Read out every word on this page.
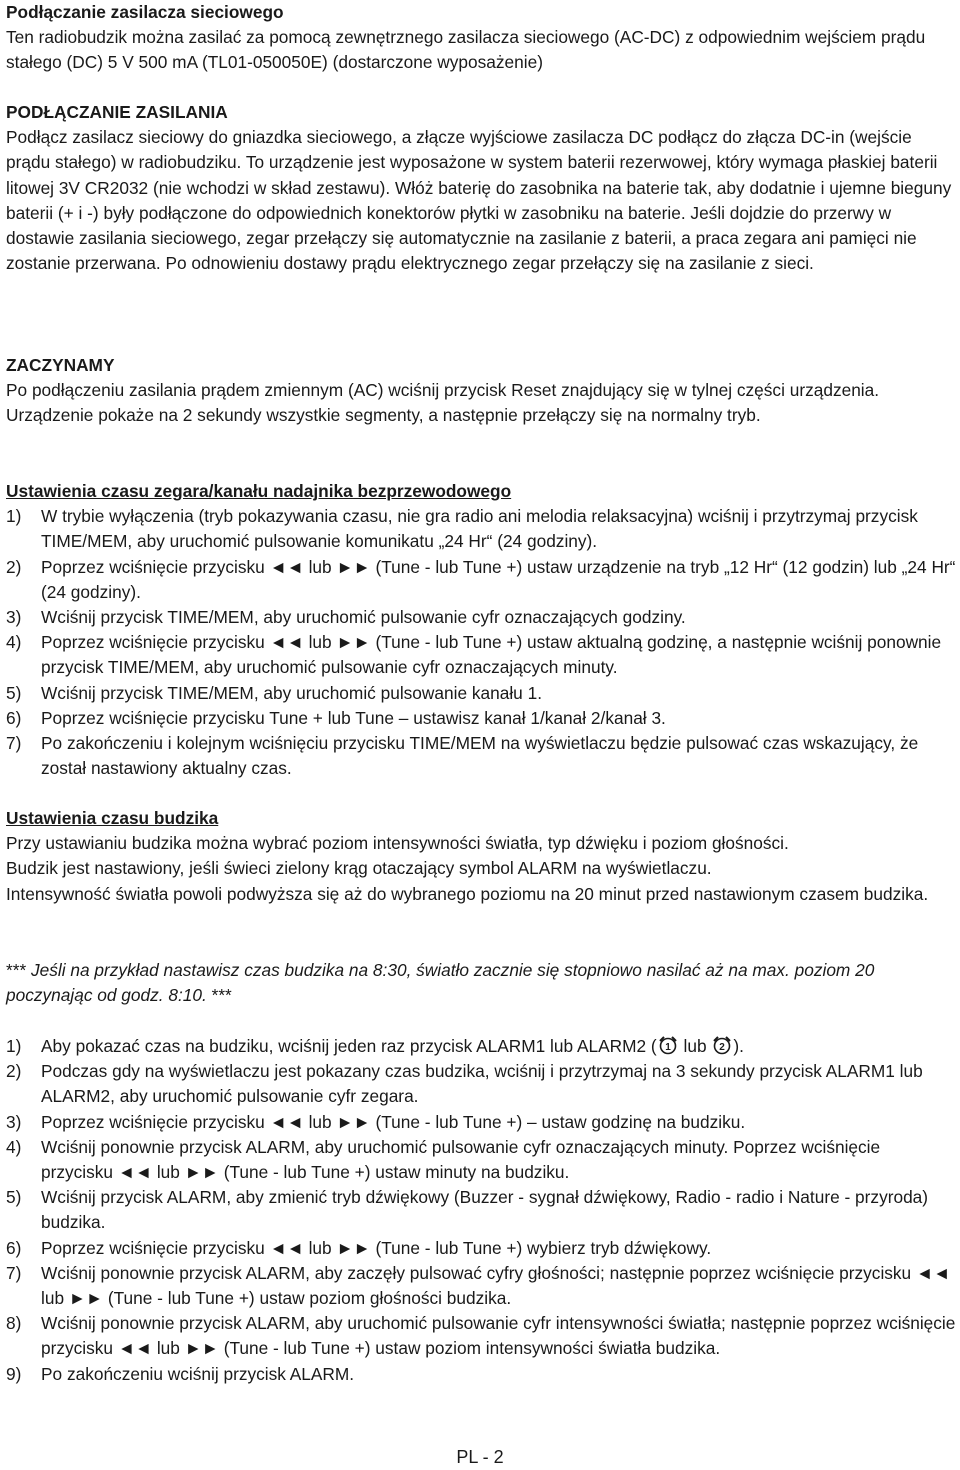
Podłączanie zasilacza sieciowego

Ten radiobudzik można zasilać za pomocą zewnętrznego zasilacza sieciowego (AC-DC) z odpowiednim wejściem prądu stałego (DC) 5 V 500 mA (TL01-050050E) (dostarczone wyposażenie)

PODŁĄCZANIE ZASILANIA

Podłącz zasilacz sieciowy do gniazdka sieciowego, a złącze wyjściowe zasilacza DC podłącz do złącza DC-in (wejście prądu stałego) w radiobudziku. To urządzenie jest wyposażone w system baterii rezerwowej, który wymaga płaskiej baterii litowej 3V CR2032 (nie wchodzi w skład zestawu). Włóż baterię do zasobnika na baterie tak, aby dodatnie i ujemne bieguny baterii (+ i -) były podłączone do odpowiednich konektorów płytki w zasobniku na baterie. Jeśli dojdzie do przerwy w dostawie zasilania sieciowego, zegar przełączy się automatycznie na zasilanie z baterii, a praca zegara ani pamięci nie zostanie przerwana. Po odnowieniu dostawy prądu elektrycznego zegar przełączy się na zasilanie z sieci.

ZACZYNAMY

Po podłączeniu zasilania prądem zmiennym (AC) wciśnij przycisk Reset znajdujący się w tylnej części urządzenia.

Urządzenie pokaże na 2 sekundy wszystkie segmenty, a następnie przełączy się na normalny tryb.

Ustawienia czasu zegara/kanału nadajnika bezprzewodowego
1) W trybie wyłączenia (tryb pokazywania czasu, nie gra radio ani melodia relaksacyjna) wciśnij i przytrzymaj przycisk TIME/MEM, aby uruchomić pulsowanie komunikatu „24 Hr“ (24 godziny).
2) Poprzez wciśnięcie przycisku ◄◄ lub ►► (Tune - lub Tune +) ustaw urządzenie na tryb „12 Hr“ (12 godzin) lub „24 Hr“ (24 godziny).
3) Wciśnij przycisk TIME/MEM, aby uruchomić pulsowanie cyfr oznaczających godziny.
4) Poprzez wciśnięcie przycisku ◄◄ lub ►► (Tune - lub Tune +) ustaw aktualną godzinę, a następnie wciśnij ponownie przycisk TIME/MEM, aby uruchomić pulsowanie cyfr oznaczających minuty.
5) Wciśnij przycisk TIME/MEM, aby uruchomić pulsowanie kanału 1.
6) Poprzez wciśnięcie przycisku Tune + lub Tune – ustawisz kanał 1/kanał 2/kanał 3.
7) Po zakończeniu i kolejnym wciśnięciu przycisku TIME/MEM na wyświetlaczu będzie pulsować czas wskazujący, że został nastawiony aktualny czas.
Ustawienia czasu budzika

Przy ustawianiu budzika można wybrać poziom intensywności światła, typ dźwięku i poziom głośności.

Budzik jest nastawiony, jeśli świeci zielony krąg otaczający symbol ALARM na wyświetlaczu.

Intensywność światła powoli podwyższa się aż do wybranego poziomu na 20 minut przed nastawionym czasem budzika.

*** Jeśli na przykład nastawisz czas budzika na 8:30, światło zacznie się stopniowo nasilać aż na max. poziom 20 poczynając od godz. 8:10. ***

1) Aby pokazać czas na budziku, wciśnij jeden raz przycisk ALARM1 lub ALARM2 ( 1 lub 2 ).
2) Podczas gdy na wyświetlaczu jest pokazany czas budzika, wciśnij i przytrzymaj na 3 sekundy przycisk ALARM1 lub ALARM2, aby uruchomić pulsowanie cyfr zegara.
3) Poprzez wciśnięcie przycisku ◄◄ lub ►► (Tune - lub Tune +) – ustaw godzinę na budziku.
4) Wciśnij ponownie przycisk ALARM, aby uruchomić pulsowanie cyfr oznaczających minuty. Poprzez wciśnięcie przycisku ◄◄ lub ►► (Tune - lub Tune +) ustaw minuty na budziku.
5) Wciśnij przycisk ALARM, aby zmienić tryb dźwiękowy (Buzzer - sygnał dźwiękowy, Radio - radio i Nature - przyroda) budzika.
6) Poprzez wciśnięcie przycisku ◄◄ lub ►► (Tune - lub Tune +) wybierz tryb dźwiękowy.
7) Wciśnij ponownie przycisk ALARM, aby zaczęły pulsować cyfry głośności; następnie poprzez wciśnięcie przycisku ◄◄ lub ►► (Tune - lub Tune +) ustaw poziom głośności budzika.
8) Wciśnij ponownie przycisk ALARM, aby uruchomić pulsowanie cyfr intensywności światła; następnie poprzez wciśnięcie przycisku ◄◄ lub ►► (Tune - lub Tune +) ustaw poziom intensywności światła budzika.
9) Po zakończeniu wciśnij przycisk ALARM.
PL - 2
